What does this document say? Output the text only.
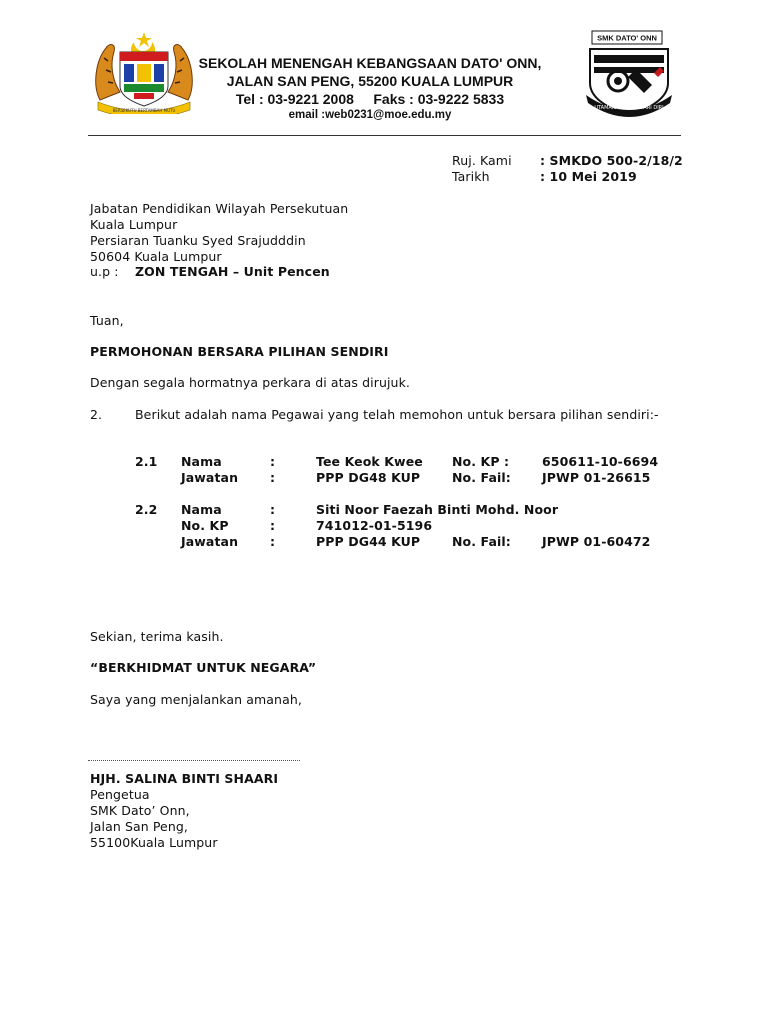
BERSEKUTU BERTAMBAH MUTU
SEKOLAH MENENGAH KEBANGSAAN DATO' ONN,
JALAN SAN PENG, 55200 KUALA LUMPUR
Tel : 03-9221 2008     Faks : 03-9222 5833
email :web0231@moe.edu.my
SMK DATO' ONN
UTAMAKAN BAKTI DARI DIRI
Ruj. Kami : SMKDO 500-2/18/2
Tarikh	: 10 Mei 2019
Jabatan Pendidikan Wilayah Persekutuan
Kuala Lumpur
Persiaran Tuanku Syed Srajudddin
50604 Kuala Lumpur
u.p : ZON TENGAH – Unit Pencen
Tuan,
PERMOHONAN BERSARA PILIHAN SENDIRI
Dengan segala hormatnya perkara di atas dirujuk.
2.	Berikut adalah nama Pegawai yang telah memohon untuk bersara pilihan sendiri:-
2.1 Nama	:	Tee Keok Kwee No. KP :	650611-10-6694
Jawatan	:	PPP DG48 KUP	No. Fail: JPWP 01-26615
2.2 Nama	:	Siti Noor Faezah Binti Mohd. Noor
No. KP	:	741012-01-5196
Jawatan	:	PPP DG44 KUP	No. Fail: JPWP 01-60472
Sekian, terima kasih.
“BERKHIDMAT UNTUK NEGARA”
Saya yang menjalankan amanah,
HJH. SALINA BINTI SHAARI
Pengetua
SMK Dato’ Onn,
Jalan San Peng,
55100Kuala Lumpur
